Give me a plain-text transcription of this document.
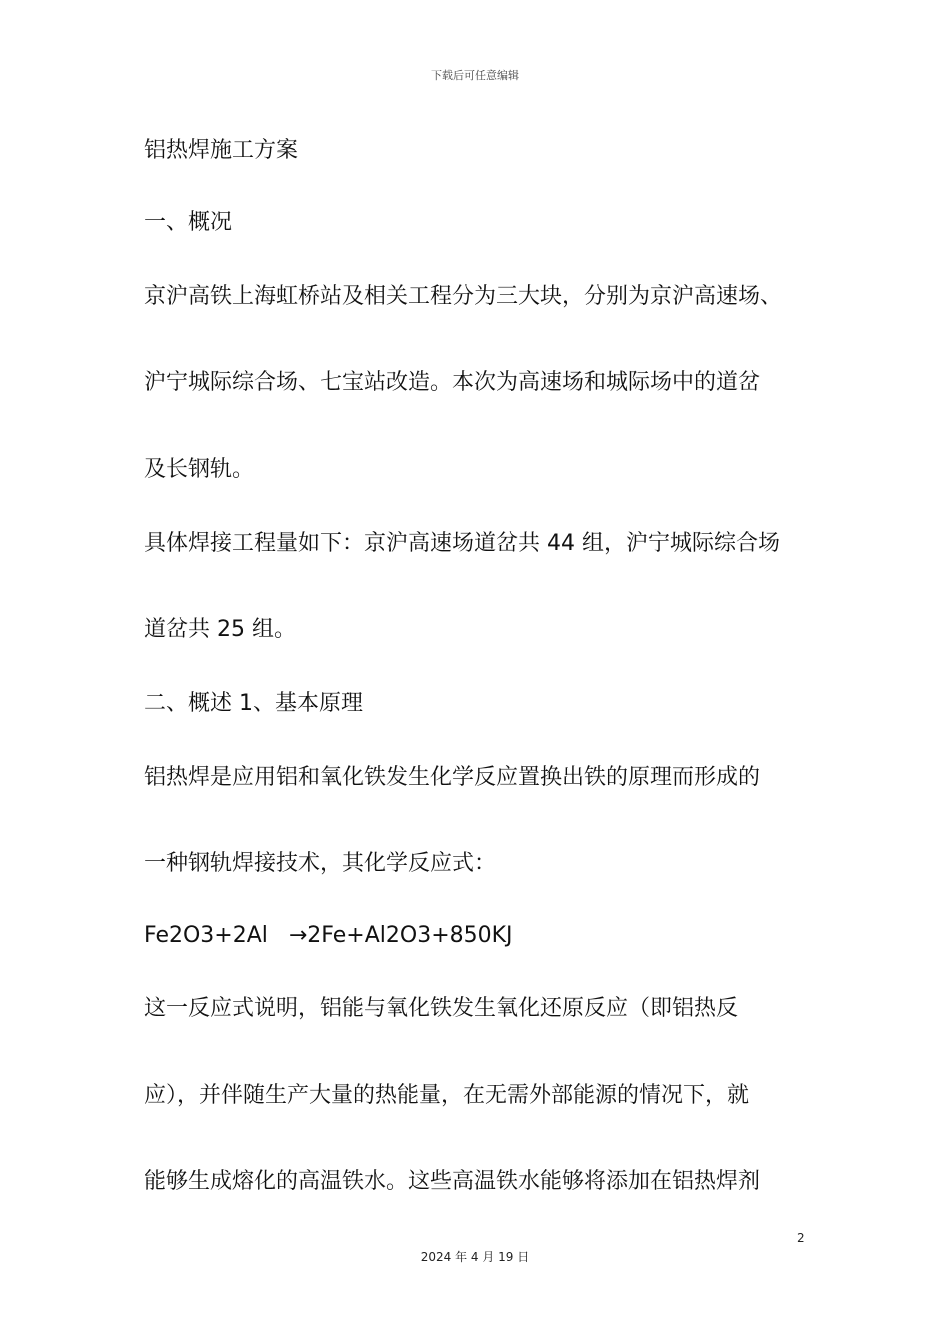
下载后可任意编辑
铝热焊施工方案
一、概况
京沪高铁上海虹桥站及相关工程分为三大块，分别为京沪高速场、
沪宁城际综合场、七宝站改造。本次为高速场和城际场中的道岔
及长钢轨。
具体焊接工程量如下：京沪高速场道岔共 44 组，沪宁城际综合场
道岔共 25 组。
二、概述 1、基本原理
铝热焊是应用铝和氧化铁发生化学反应置换出铁的原理而形成的
一种钢轨焊接技术，其化学反应式：
Fe2O3+2Al   →2Fe+Al2O3+850KJ
这一反应式说明，铝能与氧化铁发生氧化还原反应（即铝热反
应），并伴随生产大量的热能量，在无需外部能源的情况下，就
能够生成熔化的高温铁水。这些高温铁水能够将添加在铝热焊剂
2
2024 年 4 月 19 日
